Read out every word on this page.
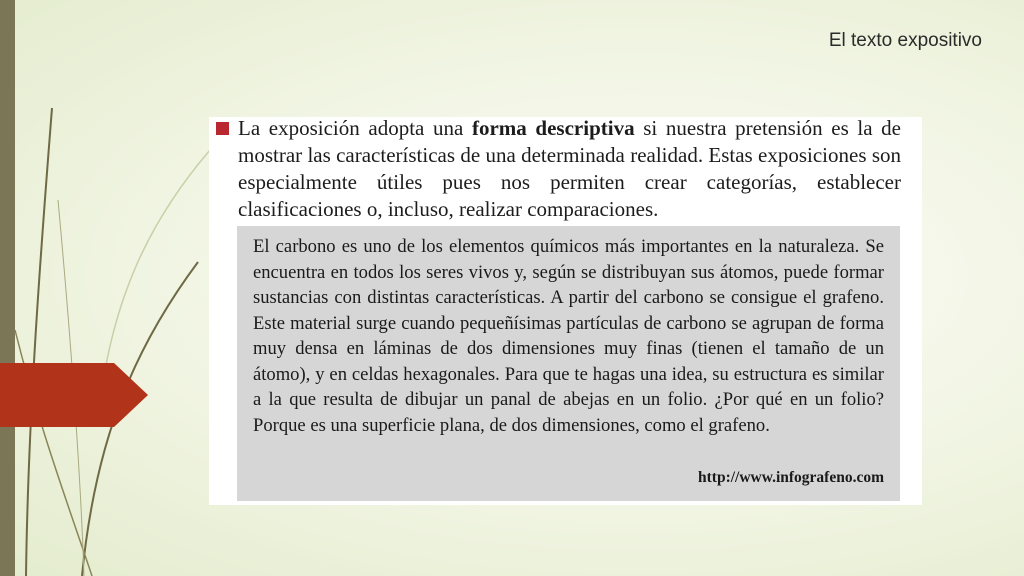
El texto expositivo

La exposición adopta una forma descriptiva si nuestra pretensión es la de mostrar las características de una determinada realidad. Estas exposiciones son especialmente útiles pues nos permiten crear categorías, establecer clasificaciones o, incluso, realizar comparaciones.

El carbono es uno de los elementos químicos más importantes en la naturaleza. Se encuentra en todos los seres vivos y, según se distribuyan sus átomos, puede formar sustancias con distintas características. A partir del carbono se consigue el grafeno. Este material surge cuando pequeñísimas partículas de carbono se agrupan de forma muy densa en láminas de dos dimensiones muy finas (tienen el tamaño de un átomo), y en celdas hexagonales. Para que te hagas una idea, su estructura es similar a la que resulta de dibujar un panal de abejas en un folio. ¿Por qué en un folio? Porque es una superficie plana, de dos dimensiones, como el grafeno.

http://www.infografeno.com
